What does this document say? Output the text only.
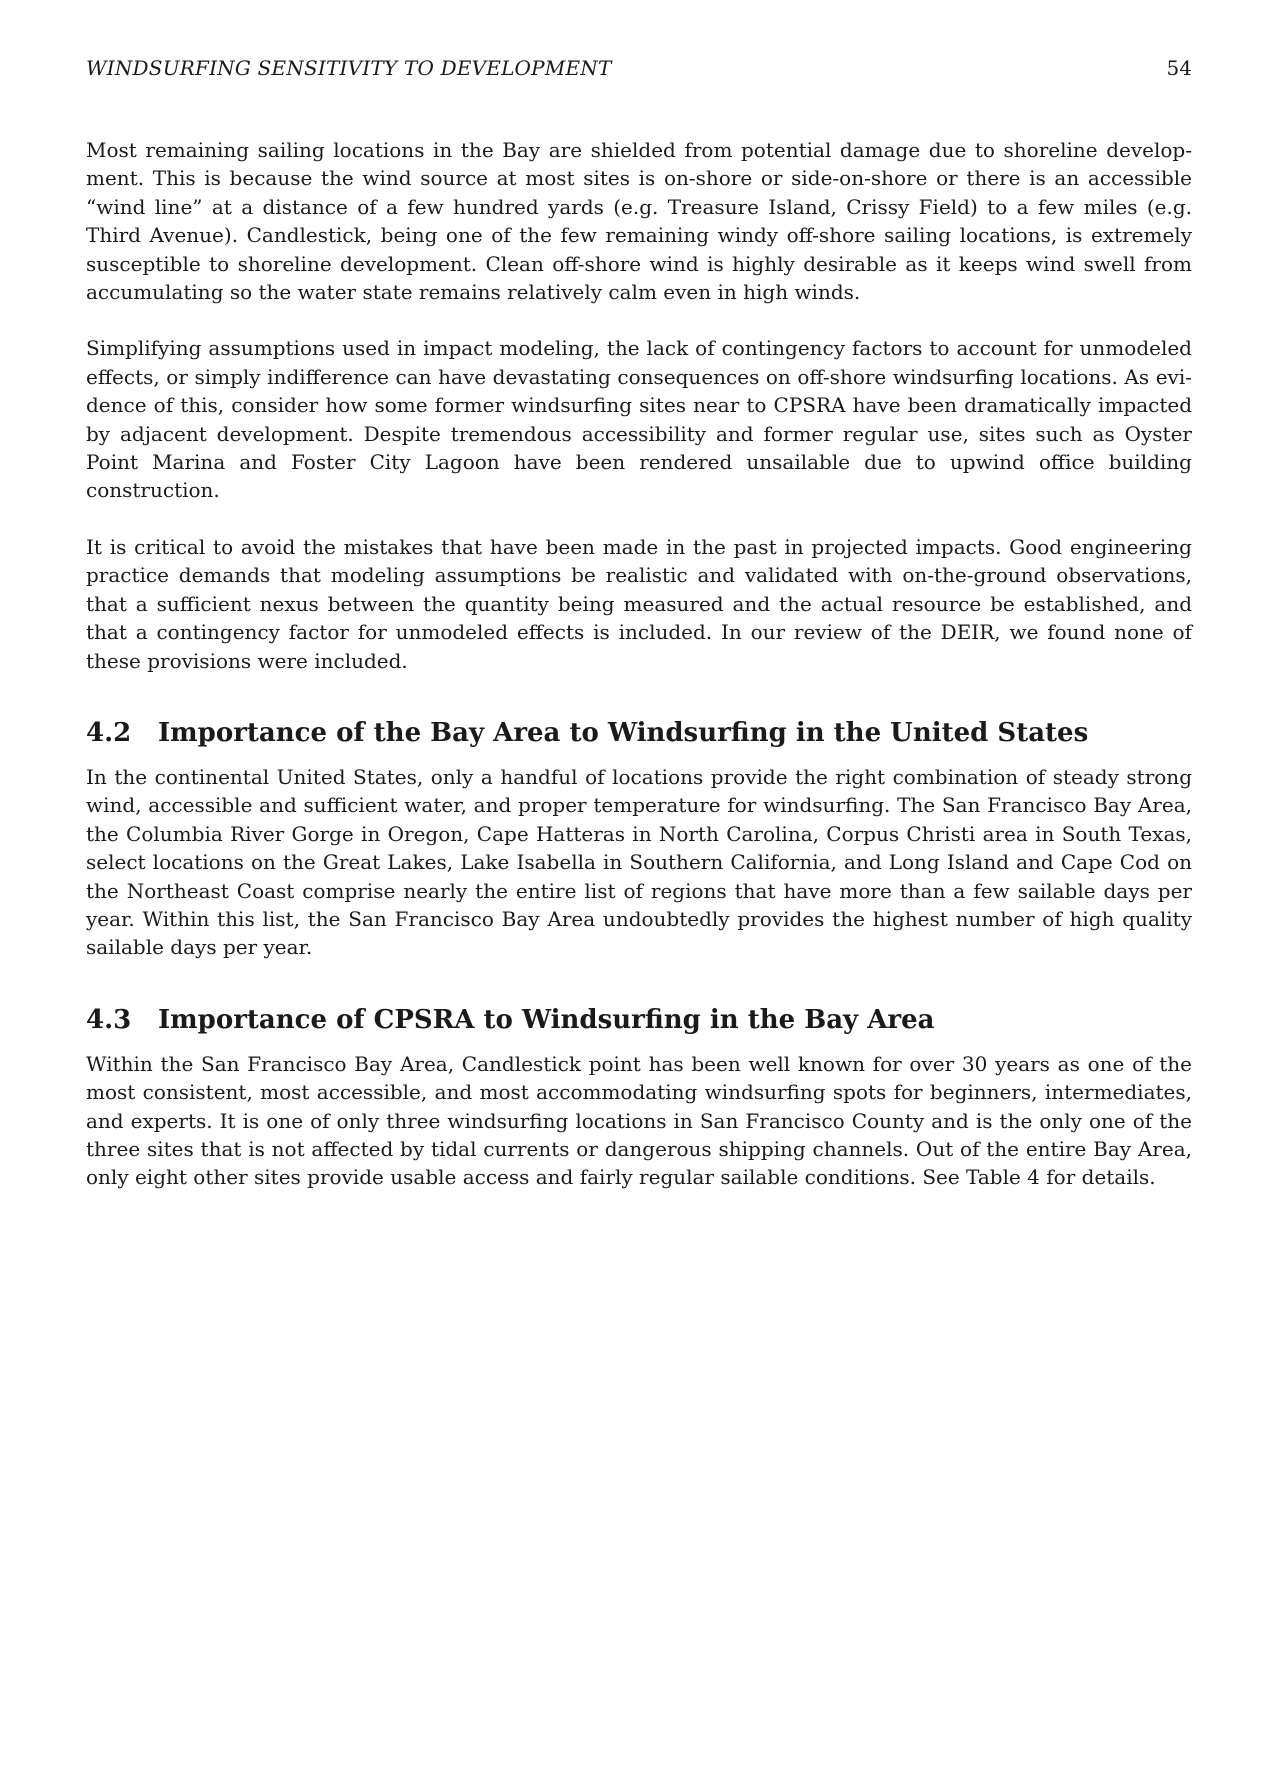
WINDSURFING SENSITIVITY TO DEVELOPMENT	54

Most remaining sailing locations in the Bay are shielded from potential damage due to shoreline development. This is because the wind source at most sites is on-shore or side-on-shore or there is an accessible “wind line” at a distance of a few hundred yards (e.g. Treasure Island, Crissy Field) to a few miles (e.g. Third Avenue). Candlestick, being one of the few remaining windy off-shore sailing locations, is extremely susceptible to shoreline development. Clean off-shore wind is highly desirable as it keeps wind swell from accumulating so the water state remains relatively calm even in high winds.

Simplifying assumptions used in impact modeling, the lack of contingency factors to account for unmodeled effects, or simply indifference can have devastating consequences on off-shore windsurfing locations. As evidence of this, consider how some former windsurfing sites near to CPSRA have been dramatically impacted by adjacent development. Despite tremendous accessibility and former regular use, sites such as Oyster Point Marina and Foster City Lagoon have been rendered unsailable due to upwind office building construction.

It is critical to avoid the mistakes that have been made in the past in projected impacts. Good engineering practice demands that modeling assumptions be realistic and validated with on-the-ground observations, that a sufficient nexus between the quantity being measured and the actual resource be established, and that a contingency factor for unmodeled effects is included. In our review of the DEIR, we found none of these provisions were included.

4.2	Importance of the Bay Area to Windsurfing in the United States

In the continental United States, only a handful of locations provide the right combination of steady strong wind, accessible and sufficient water, and proper temperature for windsurfing. The San Francisco Bay Area, the Columbia River Gorge in Oregon, Cape Hatteras in North Carolina, Corpus Christi area in South Texas, select locations on the Great Lakes, Lake Isabella in Southern California, and Long Island and Cape Cod on the Northeast Coast comprise nearly the entire list of regions that have more than a few sailable days per year. Within this list, the San Francisco Bay Area undoubtedly provides the highest number of high quality sailable days per year.

4.3	Importance of CPSRA to Windsurfing in the Bay Area

Within the San Francisco Bay Area, Candlestick point has been well known for over 30 years as one of the most consistent, most accessible, and most accommodating windsurfing spots for beginners, intermediates, and experts. It is one of only three windsurfing locations in San Francisco County and is the only one of the three sites that is not affected by tidal currents or dangerous shipping channels. Out of the entire Bay Area, only eight other sites provide usable access and fairly regular sailable conditions. See Table 4 for details.
